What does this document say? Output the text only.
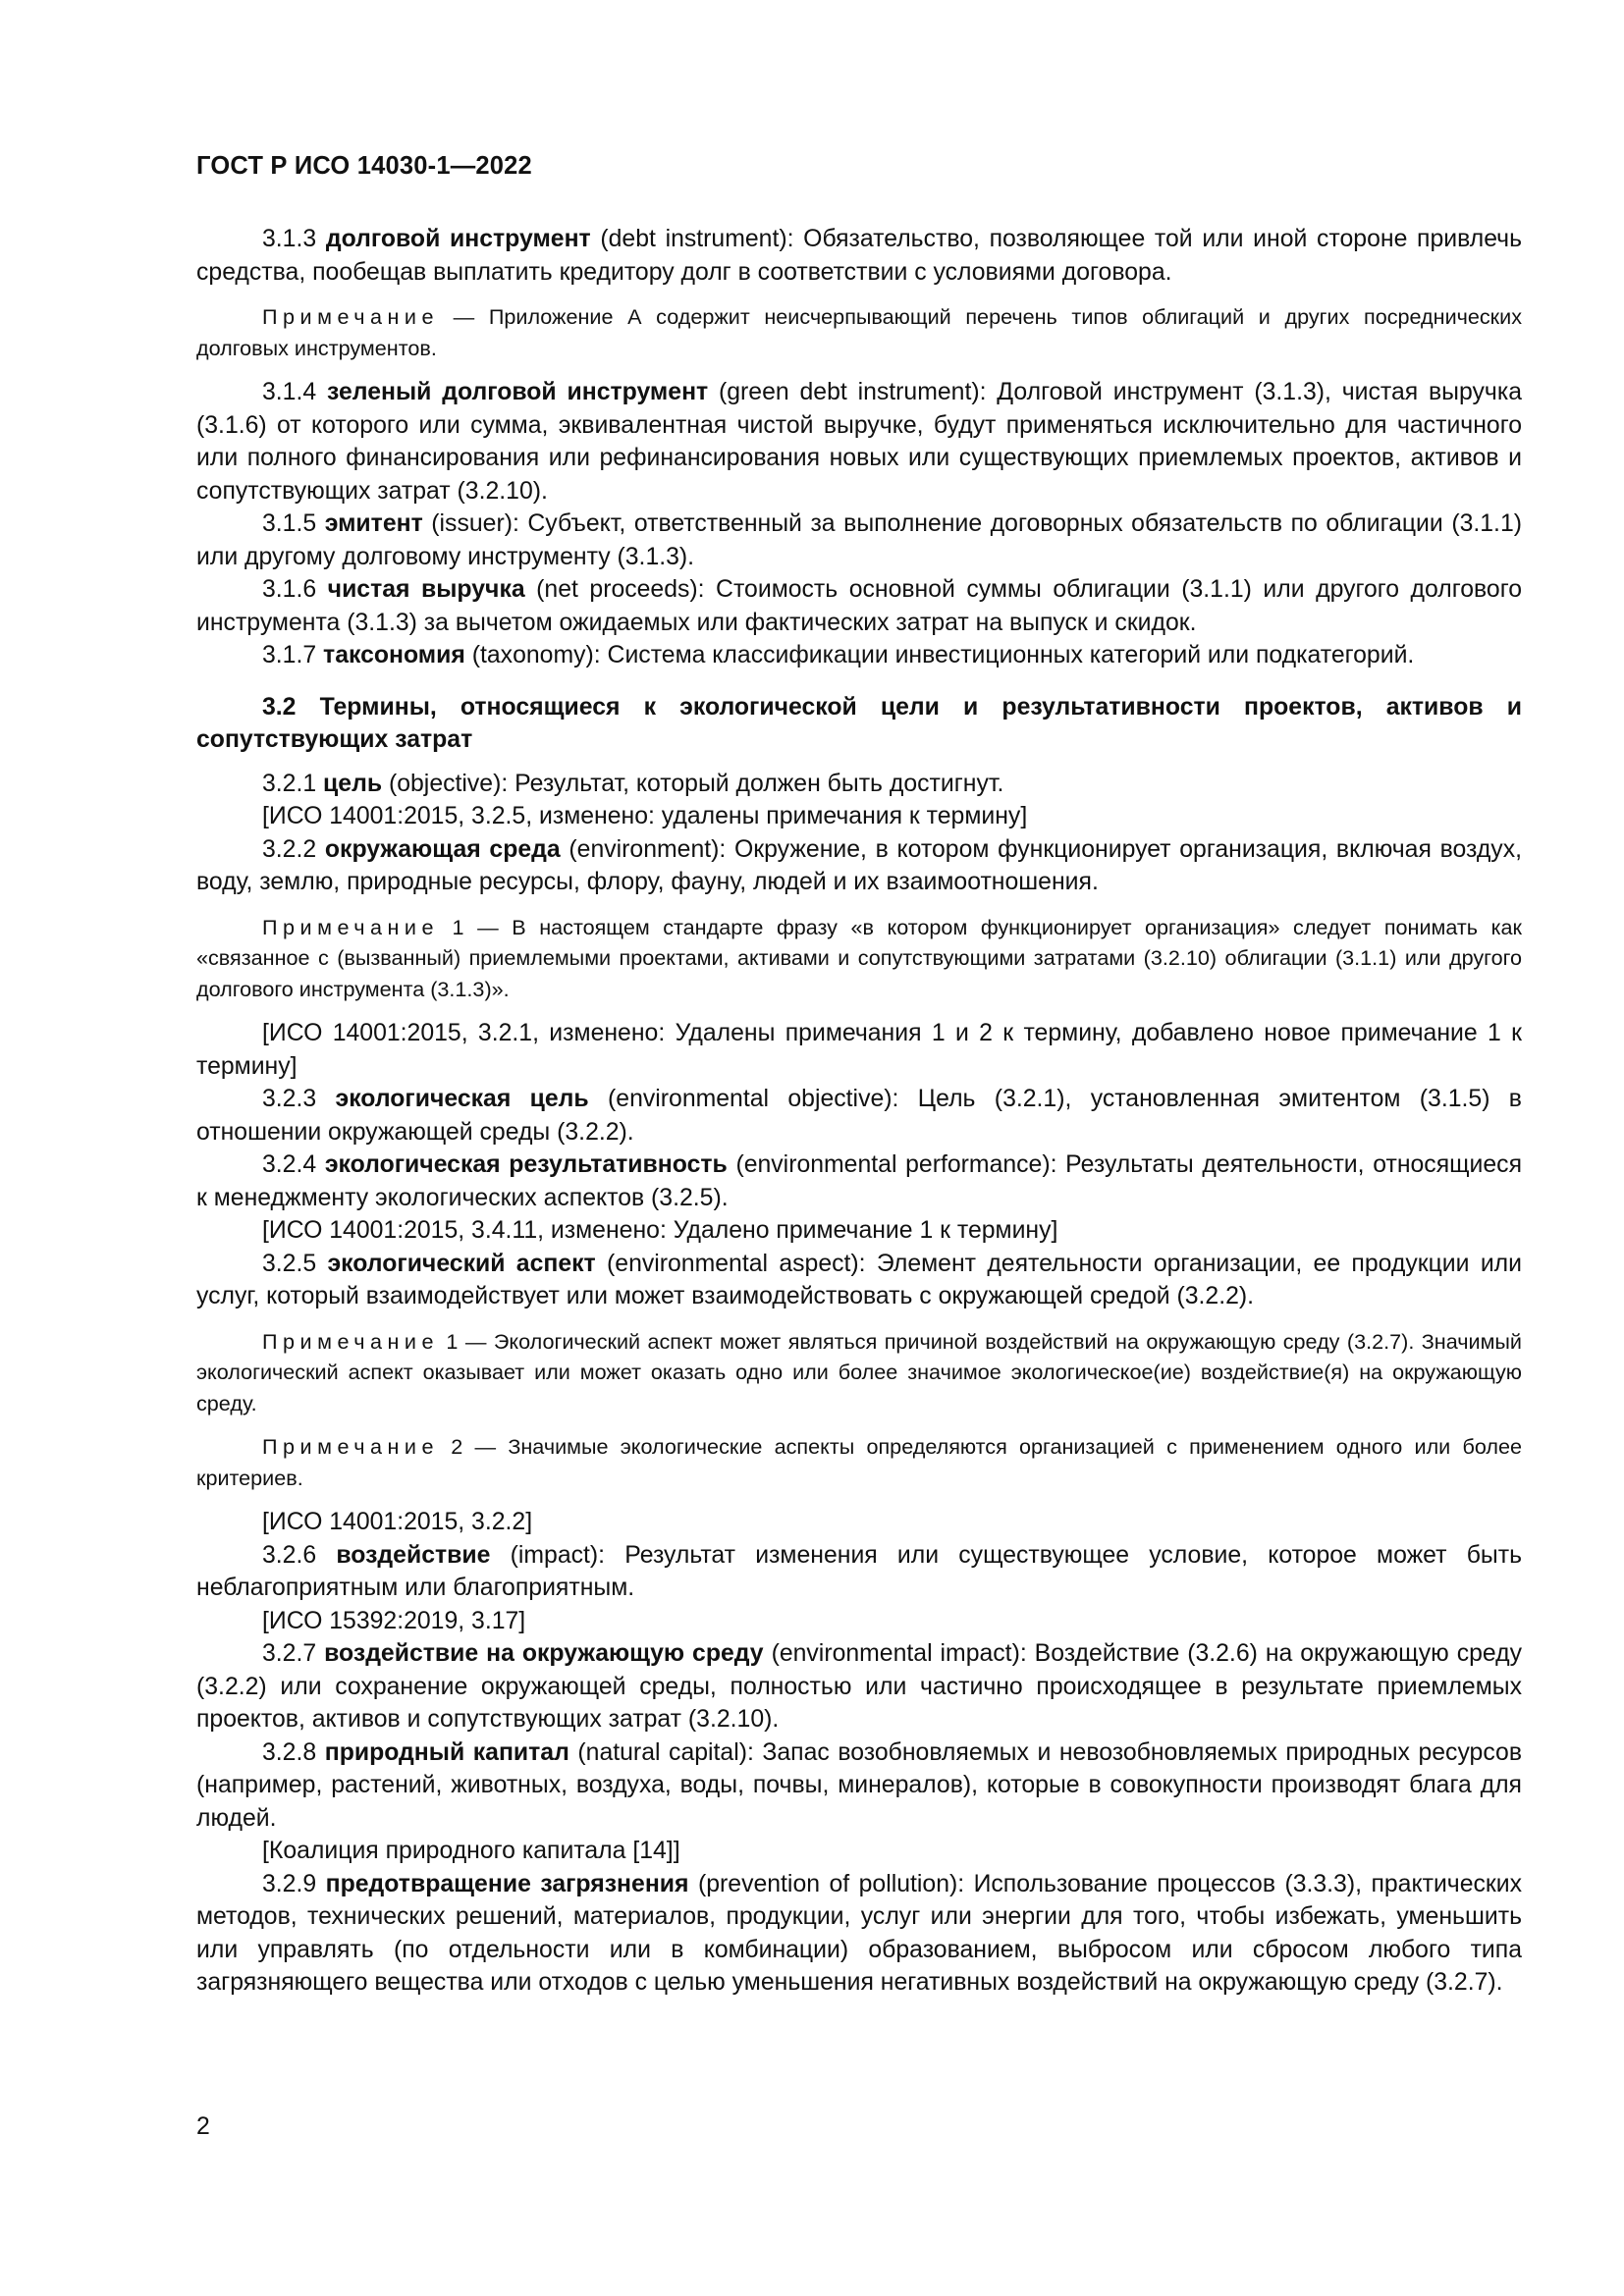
ГОСТ Р ИСО 14030-1—2022

3.1.3 долговой инструмент (debt instrument): Обязательство, позволяющее той или иной стороне привлечь средства, пообещав выплатить кредитору долг в соответствии с условиями договора.

Примечание — Приложение А содержит неисчерпывающий перечень типов облигаций и других посреднических долговых инструментов.

3.1.4 зеленый долговой инструмент (green debt instrument): Долговой инструмент (3.1.3), чистая выручка (3.1.6) от которого или сумма, эквивалентная чистой выручке, будут применяться исключительно для частичного или полного финансирования или рефинансирования новых или существующих приемлемых проектов, активов и сопутствующих затрат (3.2.10).

3.1.5 эмитент (issuer): Субъект, ответственный за выполнение договорных обязательств по облигации (3.1.1) или другому долговому инструменту (3.1.3).

3.1.6 чистая выручка (net proceeds): Стоимость основной суммы облигации (3.1.1) или другого долгового инструмента (3.1.3) за вычетом ожидаемых или фактических затрат на выпуск и скидок.

3.1.7 таксономия (taxonomy): Система классификации инвестиционных категорий или подкатегорий.

3.2 Термины, относящиеся к экологической цели и результативности проектов, активов и сопутствующих затрат

3.2.1 цель (objective): Результат, который должен быть достигнут.

[ИСО 14001:2015, 3.2.5, изменено: удалены примечания к термину]

3.2.2 окружающая среда (environment): Окружение, в котором функционирует организация, включая воздух, воду, землю, природные ресурсы, флору, фауну, людей и их взаимоотношения.

Примечание 1 — В настоящем стандарте фразу «в котором функционирует организация» следует понимать как «связанное с (вызванный) приемлемыми проектами, активами и сопутствующими затратами (3.2.10) облигации (3.1.1) или другого долгового инструмента (3.1.3)».

[ИСО 14001:2015, 3.2.1, изменено: Удалены примечания 1 и 2 к термину, добавлено новое примечание 1 к термину]

3.2.3 экологическая цель (environmental objective): Цель (3.2.1), установленная эмитентом (3.1.5) в отношении окружающей среды (3.2.2).

3.2.4 экологическая результативность (environmental performance): Результаты деятельности, относящиеся к менеджменту экологических аспектов (3.2.5).

[ИСО 14001:2015, 3.4.11, изменено: Удалено примечание 1 к термину]

3.2.5 экологический аспект (environmental aspect): Элемент деятельности организации, ее продукции или услуг, который взаимодействует или может взаимодействовать с окружающей средой (3.2.2).

Примечание 1 — Экологический аспект может являться причиной воздействий на окружающую среду (3.2.7). Значимый экологический аспект оказывает или может оказать одно или более значимое экологическое(ие) воздействие(я) на окружающую среду.

Примечание 2 — Значимые экологические аспекты определяются организацией с применением одного или более критериев.

[ИСО 14001:2015, 3.2.2]

3.2.6 воздействие (impact): Результат изменения или существующее условие, которое может быть неблагоприятным или благоприятным.

[ИСО 15392:2019, 3.17]

3.2.7 воздействие на окружающую среду (environmental impact): Воздействие (3.2.6) на окружающую среду (3.2.2) или сохранение окружающей среды, полностью или частично происходящее в результате приемлемых проектов, активов и сопутствующих затрат (3.2.10).

3.2.8 природный капитал (natural capital): Запас возобновляемых и невозобновляемых природных ресурсов (например, растений, животных, воздуха, воды, почвы, минералов), которые в совокупности производят блага для людей.

[Коалиция природного капитала [14]]

3.2.9 предотвращение загрязнения (prevention of pollution): Использование процессов (3.3.3), практических методов, технических решений, материалов, продукции, услуг или энергии для того, чтобы избежать, уменьшить или управлять (по отдельности или в комбинации) образованием, выбросом или сбросом любого типа загрязняющего вещества или отходов с целью уменьшения негативных воздействий на окружающую среду (3.2.7).

2
